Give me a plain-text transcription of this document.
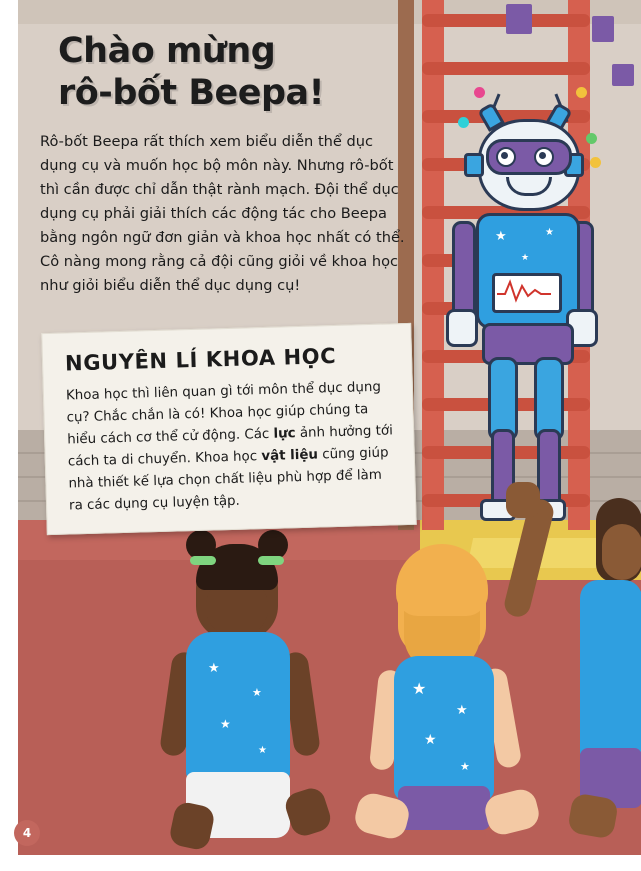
★	★
★
★
★
★
★
★
★
★
★
Chào mừng
rô-bốt Beepa!
Rô-bốt Beepa rất thích xem biểu diễn thể dục dụng cụ và muốn học bộ môn này. Nhưng rô-bốt thì cần được chỉ dẫn thật rành mạch. Đội thể dục dụng cụ phải giải thích các động tác cho Beepa bằng ngôn ngữ đơn giản và khoa học nhất có thể. Cô nàng mong rằng cả đội cũng giỏi về khoa học như giỏi biểu diễn thể dục dụng cụ!
NGUYÊN LÍ KHOA HỌC

Khoa học thì liên quan gì tới môn thể dục dụng cụ? Chắc chắn là có! Khoa học giúp chúng ta hiểu cách cơ thể cử động. Các lực ảnh hưởng tới cách ta di chuyển. Khoa học vật liệu cũng giúp nhà thiết kế lựa chọn chất liệu phù hợp để làm ra các dụng cụ luyện tập.

4
